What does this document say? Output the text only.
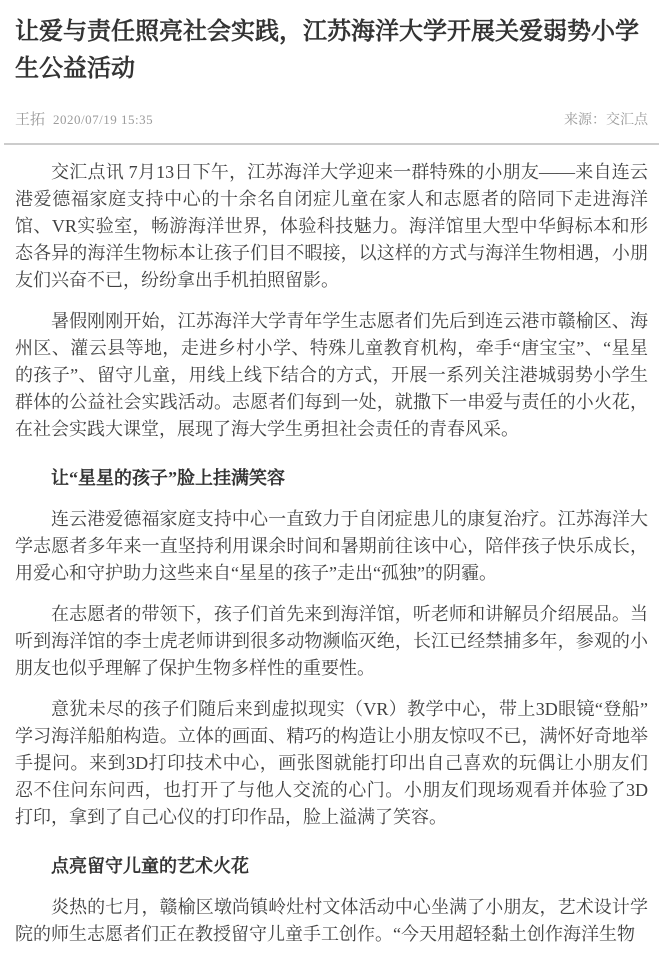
让爱与责任照亮社会实践，江苏海洋大学开展关爱弱势小学生公益活动
王拓 2020/07/19 15:35	来源：交汇点

交汇点讯 7月13日下午，江苏海洋大学迎来一群特殊的小朋友——来自连云港爱德福家庭支持中心的十余名自闭症儿童在家人和志愿者的陪同下走进海洋馆、VR实验室，畅游海洋世界，体验科技魅力。海洋馆里大型中华鲟标本和形态各异的海洋生物标本让孩子们目不暇接，以这样的方式与海洋生物相遇，小朋友们兴奋不已，纷纷拿出手机拍照留影。

暑假刚刚开始，江苏海洋大学青年学生志愿者们先后到连云港市赣榆区、海州区、灌云县等地，走进乡村小学、特殊儿童教育机构，牵手“唐宝宝”、“星星的孩子”、留守儿童，用线上线下结合的方式，开展一系列关注港城弱势小学生群体的公益社会实践活动。志愿者们每到一处，就撒下一串爱与责任的小火花，在社会实践大课堂，展现了海大学生勇担社会责任的青春风采。

让“星星的孩子”脸上挂满笑容

连云港爱德福家庭支持中心一直致力于自闭症患儿的康复治疗。江苏海洋大学志愿者多年来一直坚持利用课余时间和暑期前往该中心，陪伴孩子快乐成长，用爱心和守护助力这些来自“星星的孩子”走出“孤独”的阴霾。

在志愿者的带领下，孩子们首先来到海洋馆，听老师和讲解员介绍展品。当听到海洋馆的李士虎老师讲到很多动物濒临灭绝，长江已经禁捕多年，参观的小朋友也似乎理解了保护生物多样性的重要性。

意犹未尽的孩子们随后来到虚拟现实（VR）教学中心，带上3D眼镜“登船”学习海洋船舶构造。立体的画面、精巧的构造让小朋友惊叹不已，满怀好奇地举手提问。来到3D打印技术中心，画张图就能打印出自己喜欢的玩偶让小朋友们忍不住问东问西，也打开了与他人交流的心门。小朋友们现场观看并体验了3D打印，拿到了自己心仪的打印作品，脸上溢满了笑容。

点亮留守儿童的艺术火花

炎热的七月，赣榆区墩尚镇岭灶村文体活动中心坐满了小朋友，艺术设计学院的师生志愿者们正在教授留守儿童手工创作。“今天用超轻黏土创作海洋生物
